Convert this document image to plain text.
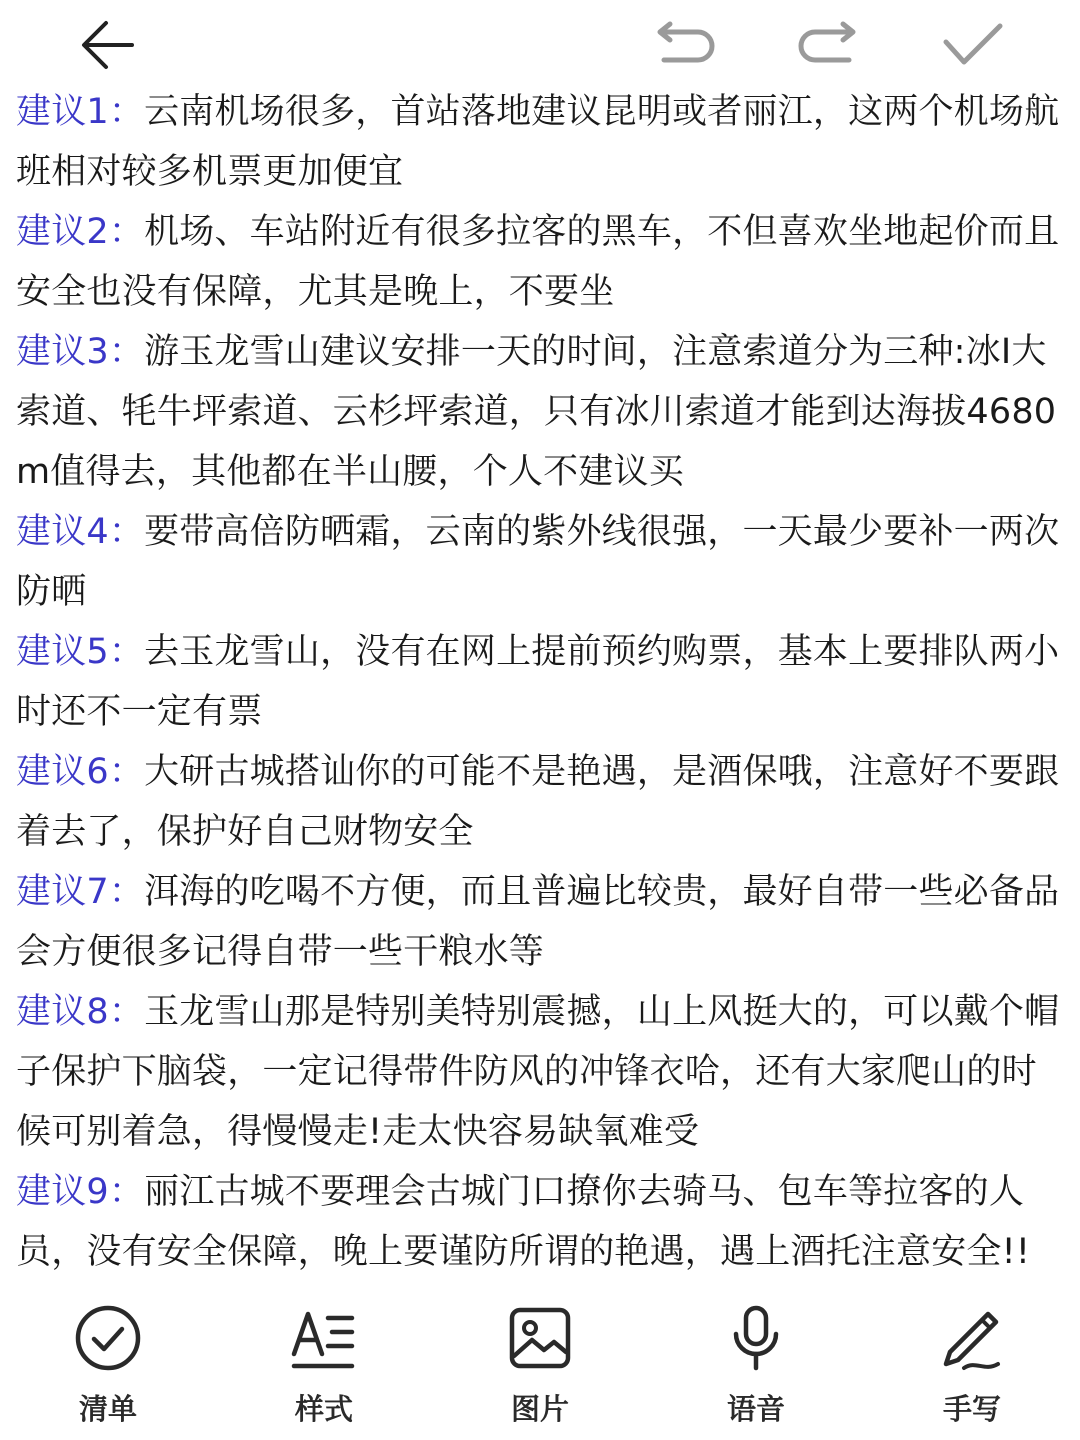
建议1：云南机场很多，首站落地建议昆明或者丽江，这两个机场航班相对较多机票更加便宜

建议2：机场、车站附近有很多拉客的黑车，不但喜欢坐地起价而且安全也没有保障，尤其是晚上，不要坐

建议3：游玉龙雪山建议安排一天的时间，注意索道分为三种:冰I大索道、牦牛坪索道、云杉坪索道，只有冰川索道才能到达海拔4680m值得去，其他都在半山腰，个人不建议买

建议4：要带高倍防晒霜，云南的紫外线很强，一天最少要补一两次防晒

建议5：去玉龙雪山，没有在网上提前预约购票，基本上要排队两小时还不一定有票

建议6：大研古城搭讪你的可能不是艳遇，是酒保哦，注意好不要跟着去了，保护好自己财物安全

建议7：洱海的吃喝不方便，而且普遍比较贵，最好自带一些必备品会方便很多记得自带一些干粮水等

建议8：玉龙雪山那是特别美特别震撼，山上风挺大的，可以戴个帽子保护下脑袋，一定记得带件防风的冲锋衣哈，还有大家爬山的时候可别着急，得慢慢走!走太快容易缺氧难受

建议9：丽江古城不要理会古城门口撩你去骑马、包车等拉客的人员，没有安全保障，晚上要谨防所谓的艳遇，遇上酒托注意安全!!

清单	样式	图片	语音	手写
